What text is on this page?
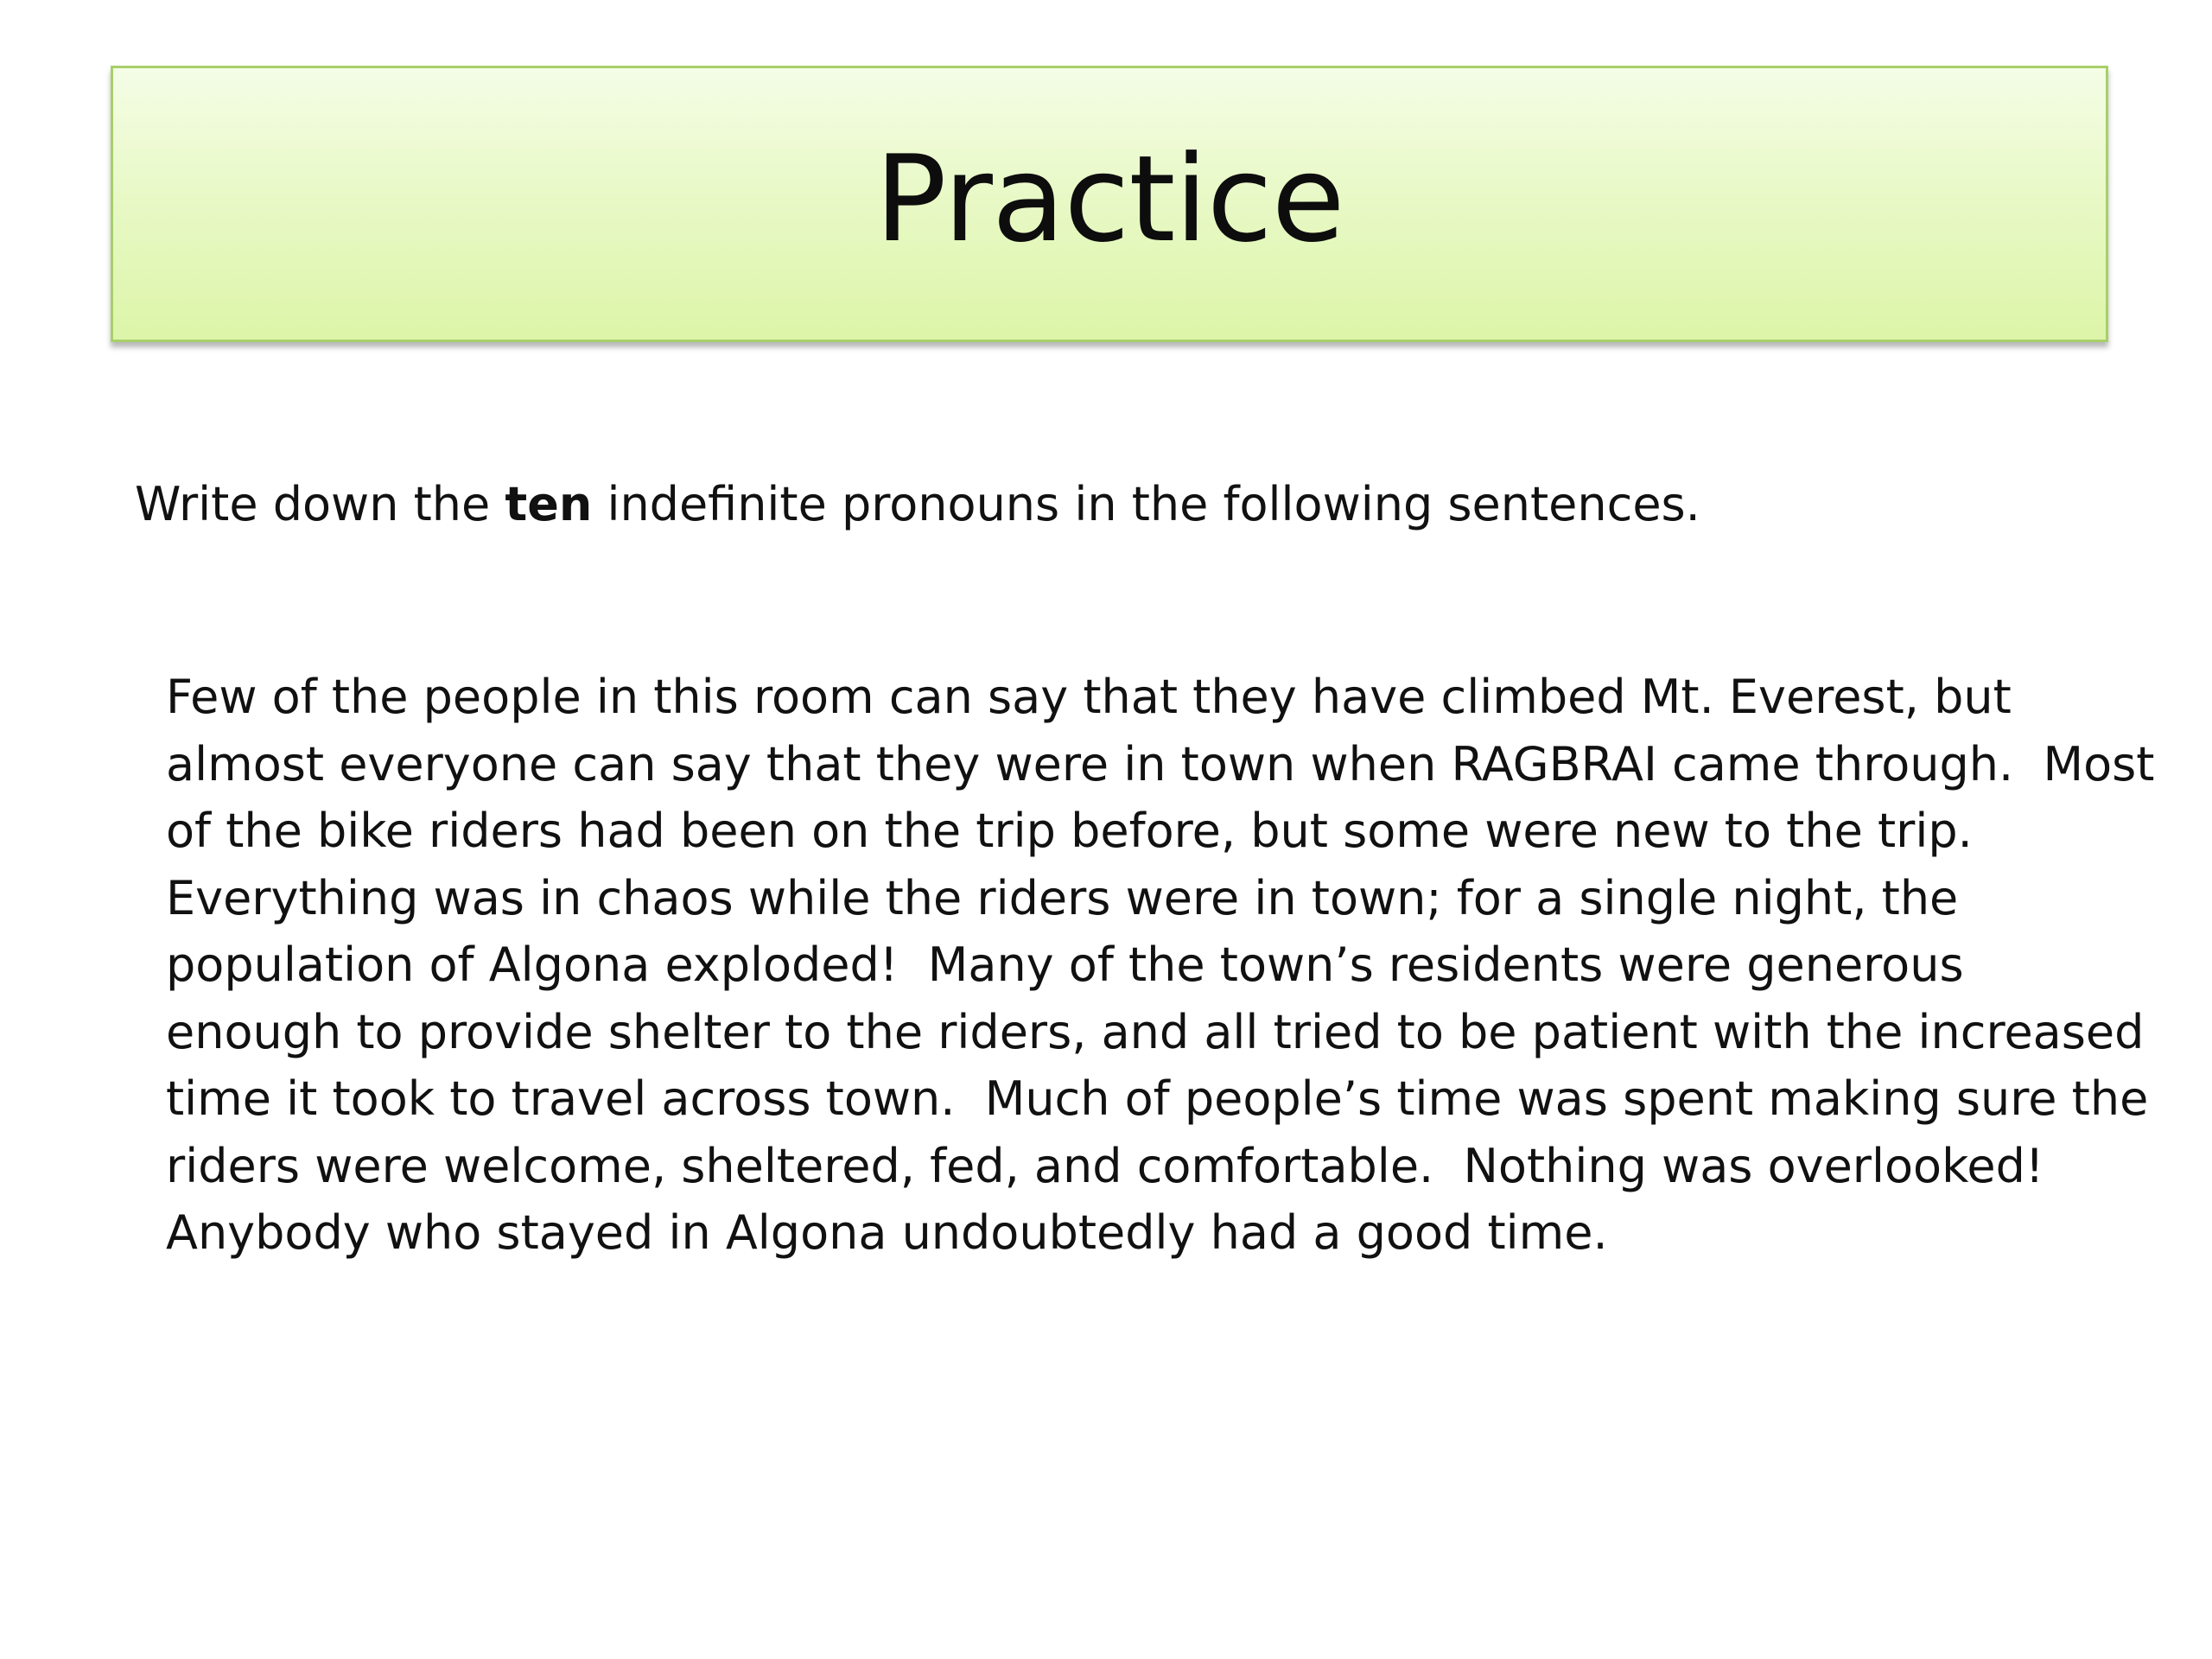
Practice
Write down the ten indefinite pronouns in the following sentences.
Few of the people in this room can say that they have climbed Mt. Everest, but
almost everyone can say that they were in town when RAGBRAI came through.  Most
of the bike riders had been on the trip before, but some were new to the trip.
Everything was in chaos while the riders were in town; for a single night, the
population of Algona exploded!  Many of the town’s residents were generous
enough to provide shelter to the riders, and all tried to be patient with the increased
time it took to travel across town.  Much of people’s time was spent making sure the
riders were welcome, sheltered, fed, and comfortable.  Nothing was overlooked!
Anybody who stayed in Algona undoubtedly had a good time.
